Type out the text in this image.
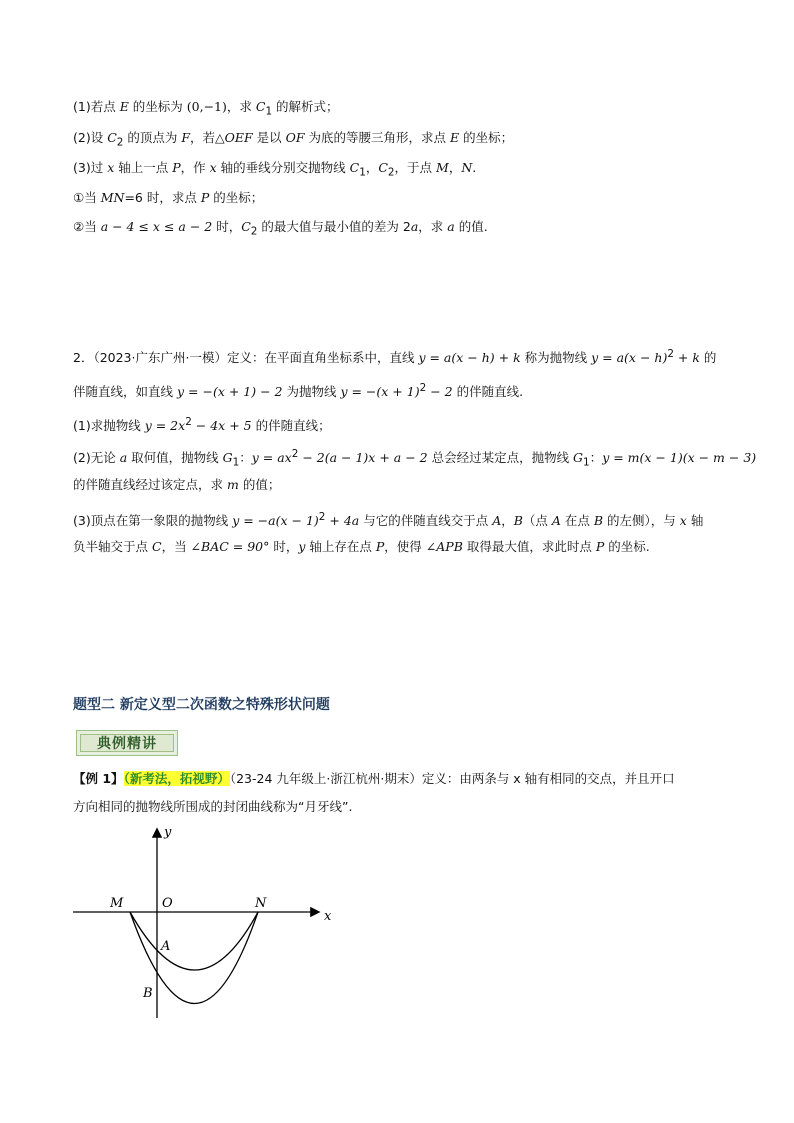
(1)若点 E 的坐标为 (0,−1)，求 $C_1$ 的解析式；
(2)设 $C_2$ 的顶点为 F，若△OEF 是以 OF 为底的等腰三角形，求点 E 的坐标；
(3)过 x 轴上一点 P，作 x 轴的垂线分别交抛物线 $C_1$，$C_2$，于点 M，N.
①当 MN=6 时，求点 P 的坐标；
②当 a − 4 ≤ x ≤ a − 2 时，$C_2$ 的最大值与最小值的差为 2a，求 a 的值.
2．（2023·广东广州·一模）定义：在平面直角坐标系中，直线 y = a(x − h) + k 称为抛物线 $y = a(x - h)^2 + k$ 的
伴随直线，如直线 y = −(x + 1) − 2 为抛物线 $y = -(x + 1)^2 - 2$ 的伴随直线.
(1)求抛物线 $y = 2x^2 - 4x + 5$ 的伴随直线；
(2)无论 a 取何值，抛物线 $G_1$：$y = ax^2 - 2(a - 1)x + a - 2$ 总会经过某定点，抛物线 $G_1$：y = m(x − 1)(x − m − 3)
的伴随直线经过该定点，求 m 的值；
(3)顶点在第一象限的抛物线 $y = -a(x - 1)^2 + 4a$ 与它的伴随直线交于点 A，B（点 A 在点 B 的左侧），与 x 轴
负半轴交于点 C，当 ∠BAC = 90° 时，y 轴上存在点 P，使得 ∠APB 取得最大值，求此时点 P 的坐标.
题型二 新定义型二次函数之特殊形状问题
典例精讲
【例 1】（新考法，拓视野）（23-24 九年级上·浙江杭州·期末）定义：由两条与 x 轴有相同的交点，并且开口
方向相同的抛物线所围成的封闭曲线称为“月牙线”.
y
x
O
M	N
A
B
